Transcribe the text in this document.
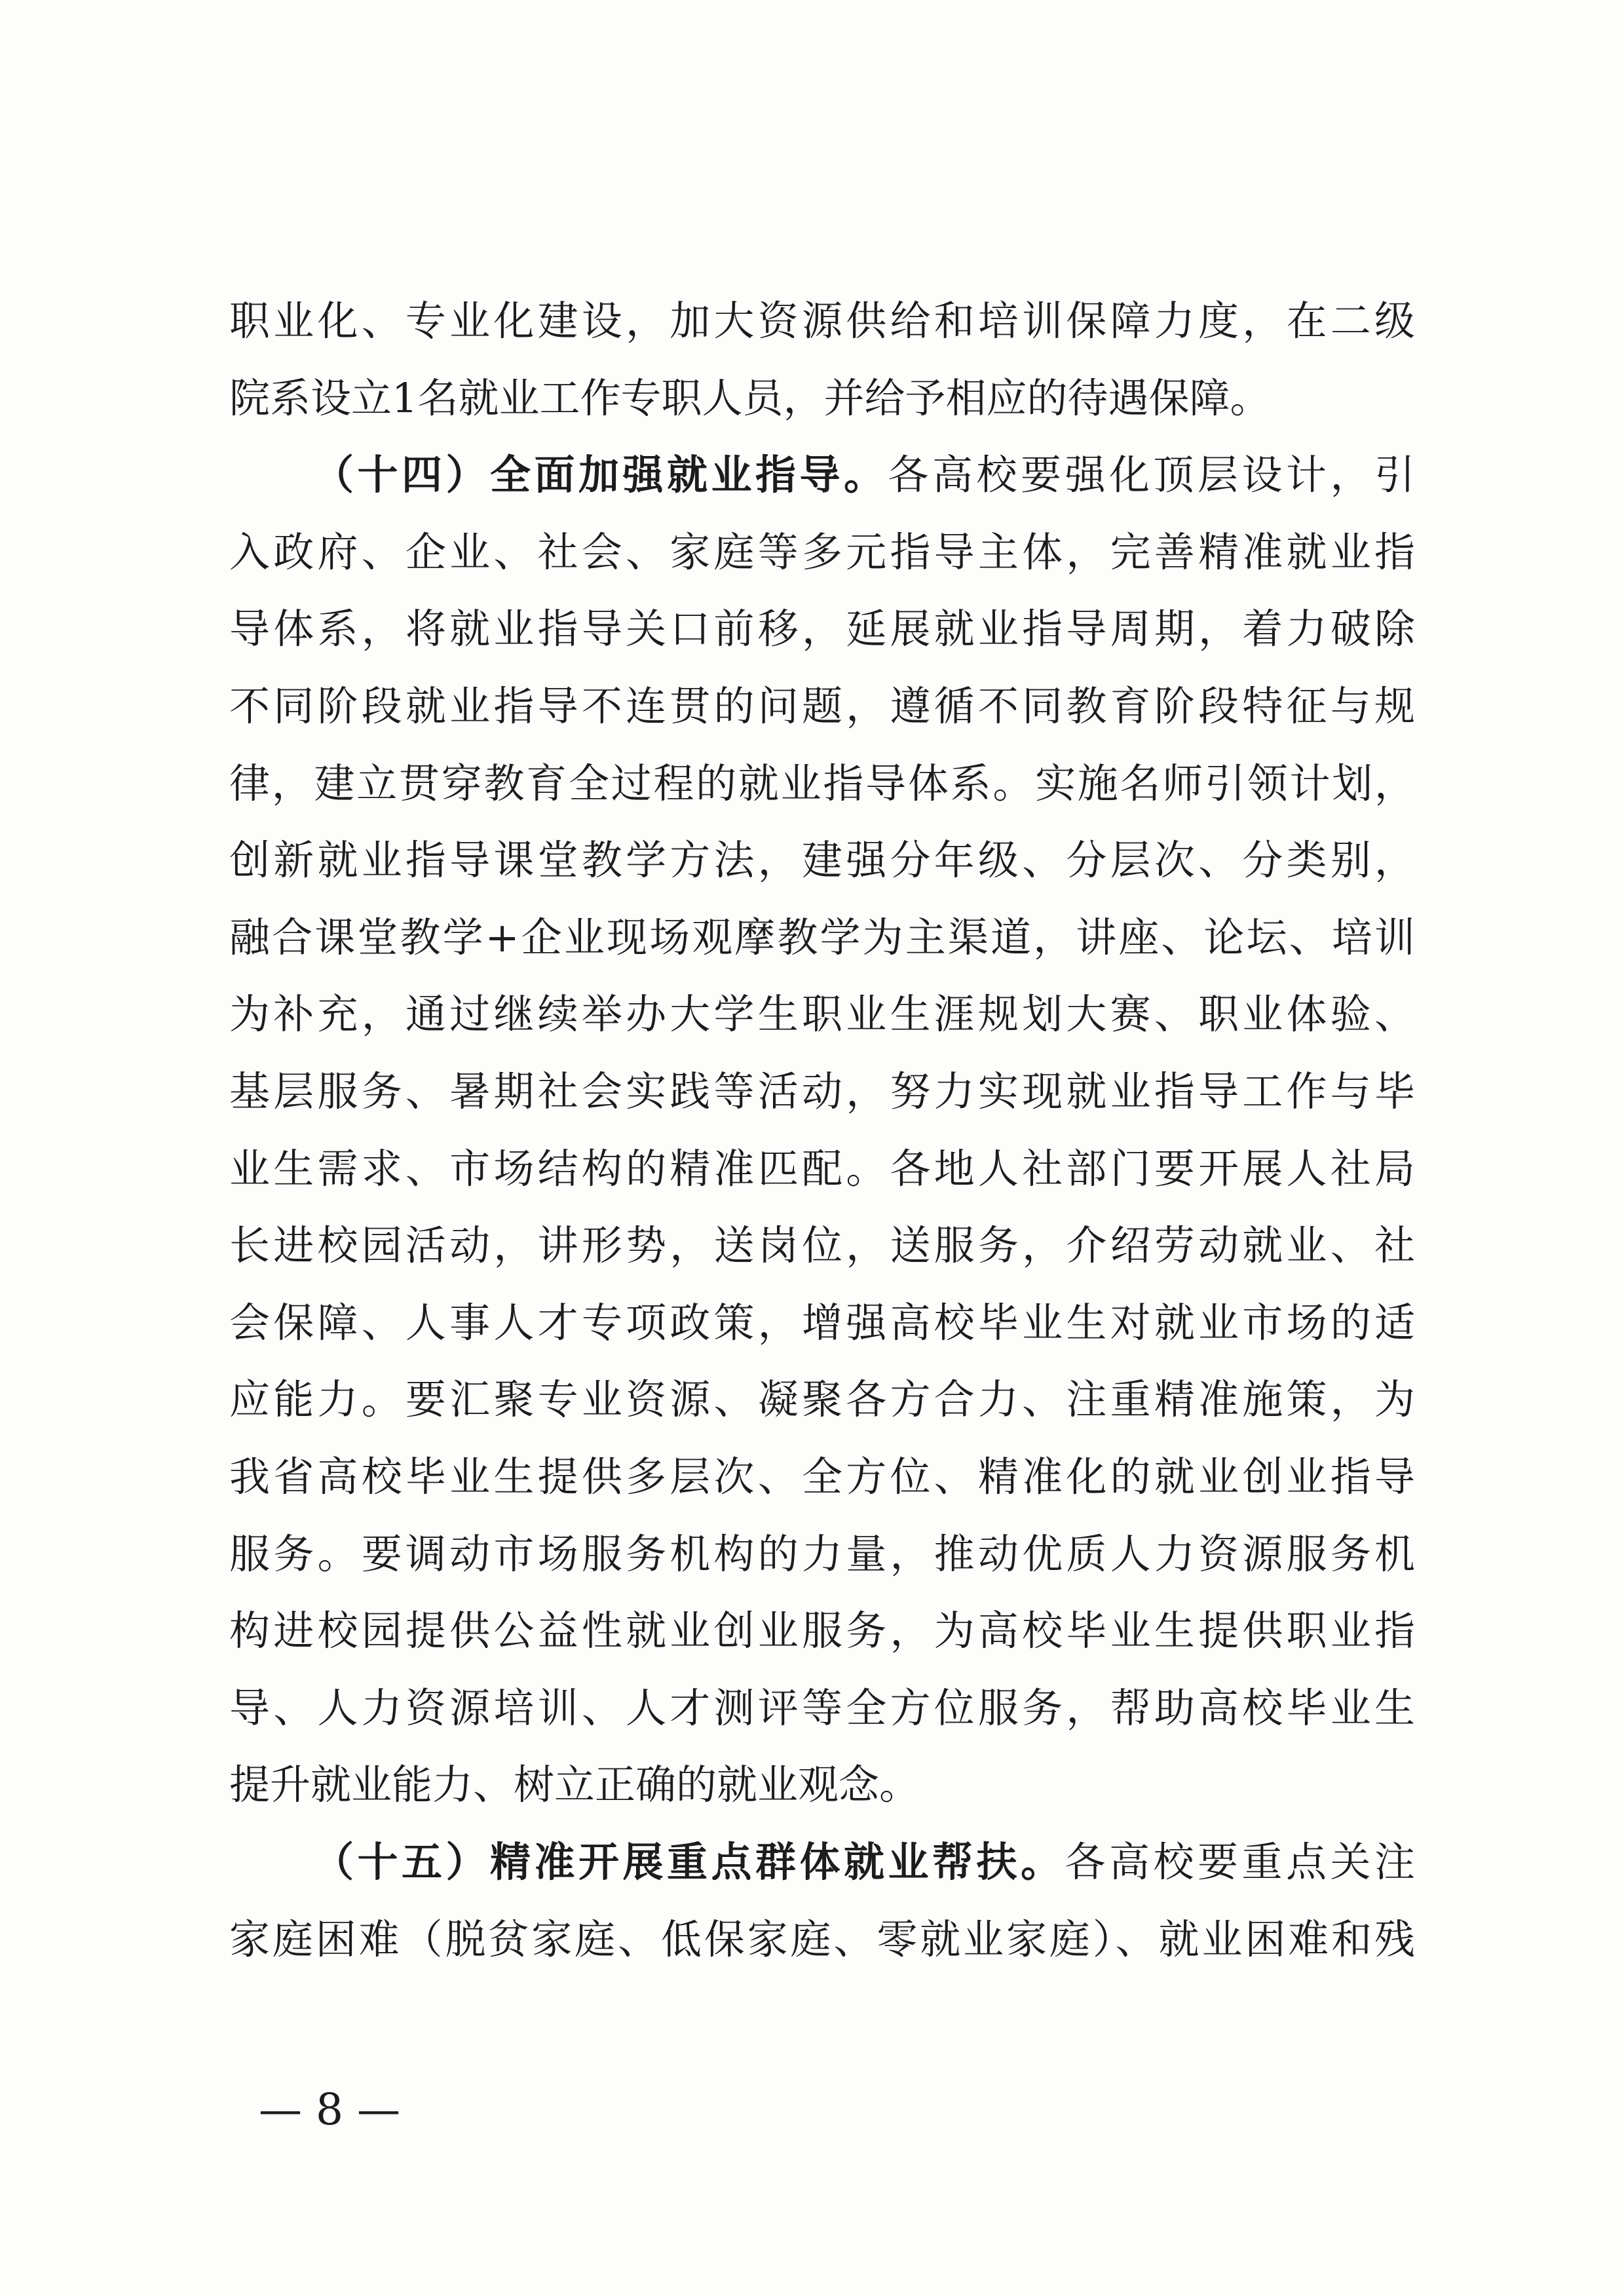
职业化、专业化建设，加大资源供给和培训保障力度，在二级
院系设立1名就业工作专职人员，并给予相应的待遇保障。
（十四）全面加强就业指导。各高校要强化顶层设计，引
入政府、企业、社会、家庭等多元指导主体，完善精准就业指
导体系，将就业指导关口前移，延展就业指导周期，着力破除
不同阶段就业指导不连贯的问题，遵循不同教育阶段特征与规
律，建立贯穿教育全过程的就业指导体系。实施名师引领计划，
创新就业指导课堂教学方法，建强分年级、分层次、分类别，
融合课堂教学+企业现场观摩教学为主渠道，讲座、论坛、培训
为补充，通过继续举办大学生职业生涯规划大赛、职业体验、
基层服务、暑期社会实践等活动，努力实现就业指导工作与毕
业生需求、市场结构的精准匹配。各地人社部门要开展人社局
长进校园活动，讲形势，送岗位，送服务，介绍劳动就业、社
会保障、人事人才专项政策，增强高校毕业生对就业市场的适
应能力。要汇聚专业资源、凝聚各方合力、注重精准施策，为
我省高校毕业生提供多层次、全方位、精准化的就业创业指导
服务。要调动市场服务机构的力量，推动优质人力资源服务机
构进校园提供公益性就业创业服务，为高校毕业生提供职业指
导、人力资源培训、人才测评等全方位服务，帮助高校毕业生
提升就业能力、树立正确的就业观念。
（十五）精准开展重点群体就业帮扶。各高校要重点关注
家庭困难（脱贫家庭、低保家庭、零就业家庭）、就业困难和残
— 8 —
